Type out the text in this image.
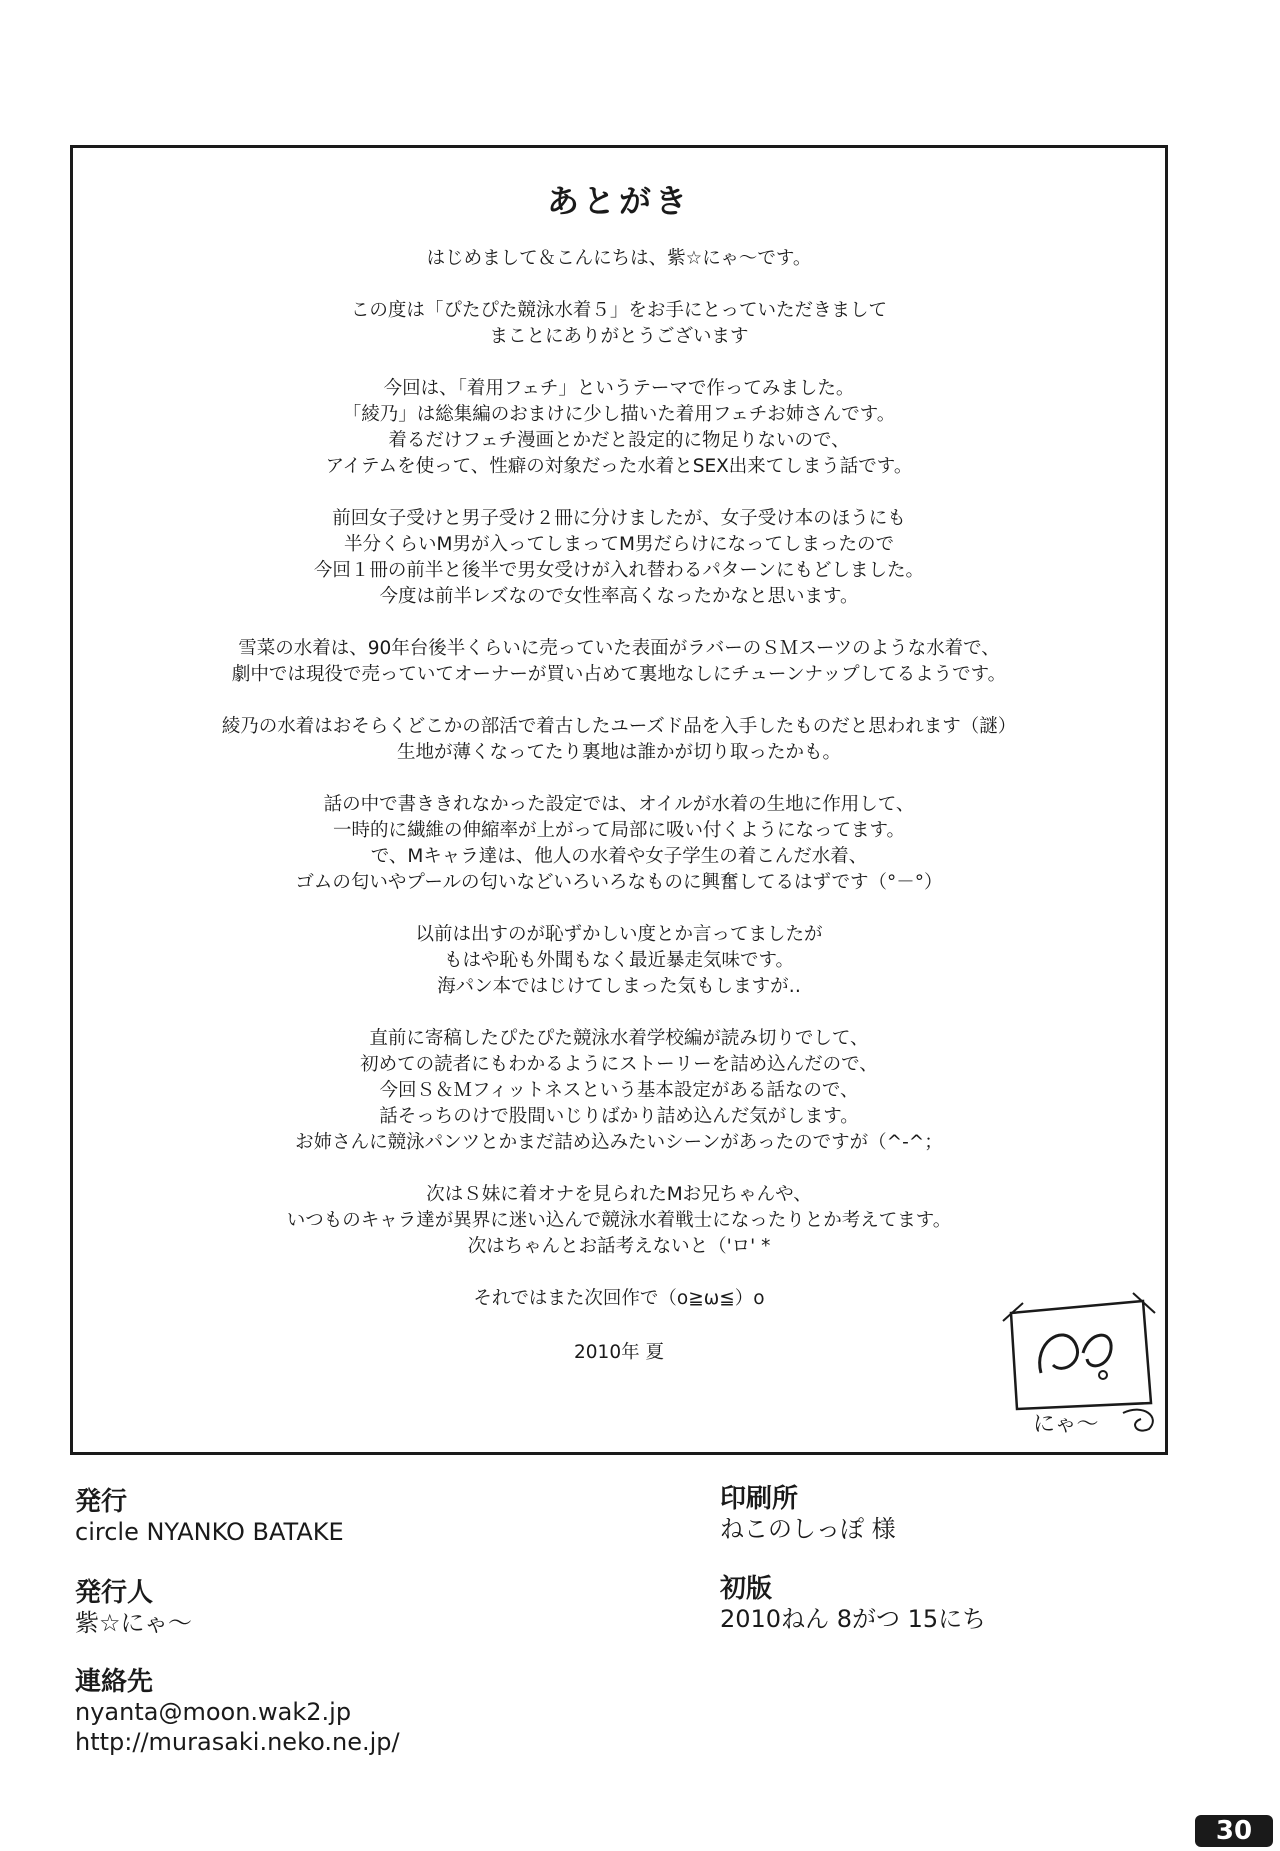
あとがき
はじめまして＆こんにちは、紫☆にゃ〜です。
この度は「ぴたぴた競泳水着５」をお手にとっていただきまして
まことにありがとうございます
今回は、「着用フェチ」というテーマで作ってみました。
「綾乃」は総集編のおまけに少し描いた着用フェチお姉さんです。
着るだけフェチ漫画とかだと設定的に物足りないので、
アイテムを使って、性癖の対象だった水着とSEX出来てしまう話です。
前回女子受けと男子受け２冊に分けましたが、女子受け本のほうにも
半分くらいM男が入ってしまってM男だらけになってしまったので
今回１冊の前半と後半で男女受けが入れ替わるパターンにもどしました。
今度は前半レズなので女性率高くなったかなと思います。
雪菜の水着は、90年台後半くらいに売っていた表面がラバーのＳＭスーツのような水着で、
劇中では現役で売っていてオーナーが買い占めて裏地なしにチューンナップしてるようです。
綾乃の水着はおそらくどこかの部活で着古したユーズド品を入手したものだと思われます（謎）
生地が薄くなってたり裏地は誰かが切り取ったかも。
話の中で書ききれなかった設定では、オイルが水着の生地に作用して、
一時的に繊維の伸縮率が上がって局部に吸い付くようになってます。
で、Mキャラ達は、他人の水着や女子学生の着こんだ水着、
ゴムの匂いやプールの匂いなどいろいろなものに興奮してるはずです（°－°）
以前は出すのが恥ずかしい度とか言ってましたが
もはや恥も外聞もなく最近暴走気味です。
海パン本ではじけてしまった気もしますが‥
直前に寄稿したぴたぴた競泳水着学校編が読み切りでして、
初めての読者にもわかるようにストーリーを詰め込んだので、
今回Ｓ＆Ｍフィットネスという基本設定がある話なので、
話そっちのけで股間いじりばかり詰め込んだ気がします。
お姉さんに競泳パンツとかまだ詰め込みたいシーンがあったのですが（^-^；
次はＳ妹に着オナを見られたMお兄ちゃんや、
いつものキャラ達が異界に迷い込んで競泳水着戦士になったりとか考えてます。
次はちゃんとお話考えないと（'ロ' *
それではまた次回作で（o≧ω≦）o
2010年 夏
にゃ〜
発行
circle NYANKO BATAKE
発行人
紫☆にゃ〜
連絡先
nyanta@moon.wak2.jp
http://murasaki.neko.ne.jp/
印刷所
ねこのしっぽ 様
初版
2010ねん 8がつ 15にち
30
